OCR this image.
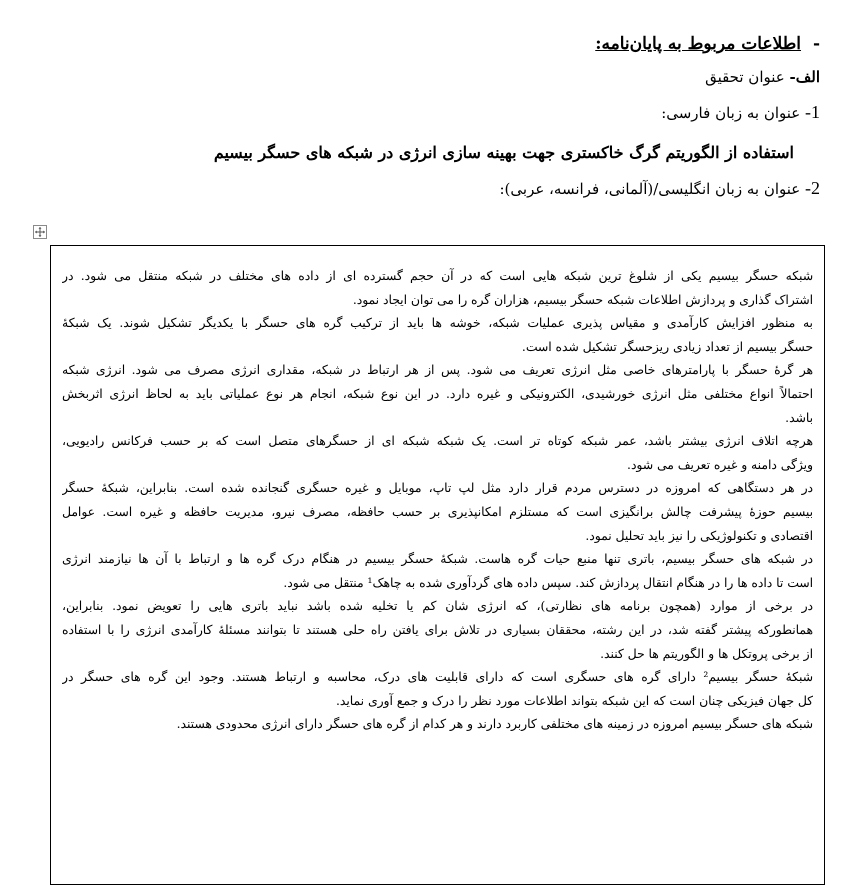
- اطلاعات مربوط به پایان‌نامه:
الف- عنوان تحقیق
1- عنوان به زبان فارسی:
استفاده از الگوریتم گرگ خاکستری جهت بهینه سازی انرژی در شبکه های حسگر بیسیم
2- عنوان به زبان انگلیسی/(آلمانی، فرانسه، عربی):
شبکه حسگر بیسیم یکی از شلوغ ترین شبکه هایی است که در آن حجم گسترده ای از داده های مختلف در شبکه منتقل می شود. در
اشتراک گذاری و پردازش اطلاعات شبکه حسگر بیسیم، هزاران گره را می توان ایجاد نمود.
به منظور افزایش کارآمدی و مقیاس پذیری عملیات شبکه، خوشه ها باید از ترکیب گره های حسگر با یکدیگر تشکیل شوند. یک شبکۀ
حسگر بیسیم از تعداد زیادی ریزحسگر تشکیل شده است.
هر گرۀ حسگر با پارامترهای خاصی مثل انرژی تعریف می شود. پس از هر ارتباط در شبکه، مقداری انرژی مصرف می شود. انرژی شبکه
احتمالاً انواع مختلفی مثل انرژی خورشیدی، الکترونیکی و غیره دارد. در این نوع شبکه، انجام هر نوع عملیاتی باید به لحاظ انرژی اثربخش
باشد.
هرچه اتلاف انرژی بیشتر باشد، عمر شبکه کوتاه تر است. یک شبکه شبکه ای از حسگرهای متصل است که بر حسب فرکانس رادیویی،
ویژگی دامنه و غیره تعریف می شود.
در هر دستگاهی که امروزه در دسترس مردم قرار دارد مثل لپ تاپ، موبایل و غیره حسگری گنجانده شده است. بنابراین، شبکۀ حسگر
بیسیم حوزۀ پیشرفت چالش برانگیزی است که مستلزم امکانپذیری بر حسب حافظه، مصرف نیرو، مدیریت حافظه و غیره است. عوامل
اقتصادی و تکنولوژیکی را نیز باید تحلیل نمود.
در شبکه های حسگر بیسیم، باتری تنها منبع حیات گره هاست. شبکۀ حسگر بیسیم در هنگام درک گره ها و ارتباط با آن ها نیازمند انرژی
است تا داده ها را در هنگام انتقال پردازش کند. سپس داده های گردآوری شده به چاهک¹ منتقل می شود.
در برخی از موارد (همچون برنامه های نظارتی)، که انرژی شان کم یا تخلیه شده باشد نباید باتری هایی را تعویض نمود. بنابراین،
همانطورکه پیشتر گفته شد، در این رشته، محققان بسیاری در تلاش برای یافتن راه حلی هستند تا بتوانند مسئلۀ کارآمدی انرژی را با استفاده
از برخی پروتکل ها و الگوریتم ها حل کنند.
شبکۀ حسگر بیسیم² دارای گره های حسگری است که دارای قابلیت های درک، محاسبه و ارتباط هستند. وجود این گره های حسگر در
کل جهان فیزیکی چنان است که این شبکه بتواند اطلاعات مورد نظر را درک و جمع آوری نماید.
شبکه های حسگر بیسیم امروزه در زمینه های مختلفی کاربرد دارند و هر کدام از گره های حسگر دارای انرژی محدودی هستند.
